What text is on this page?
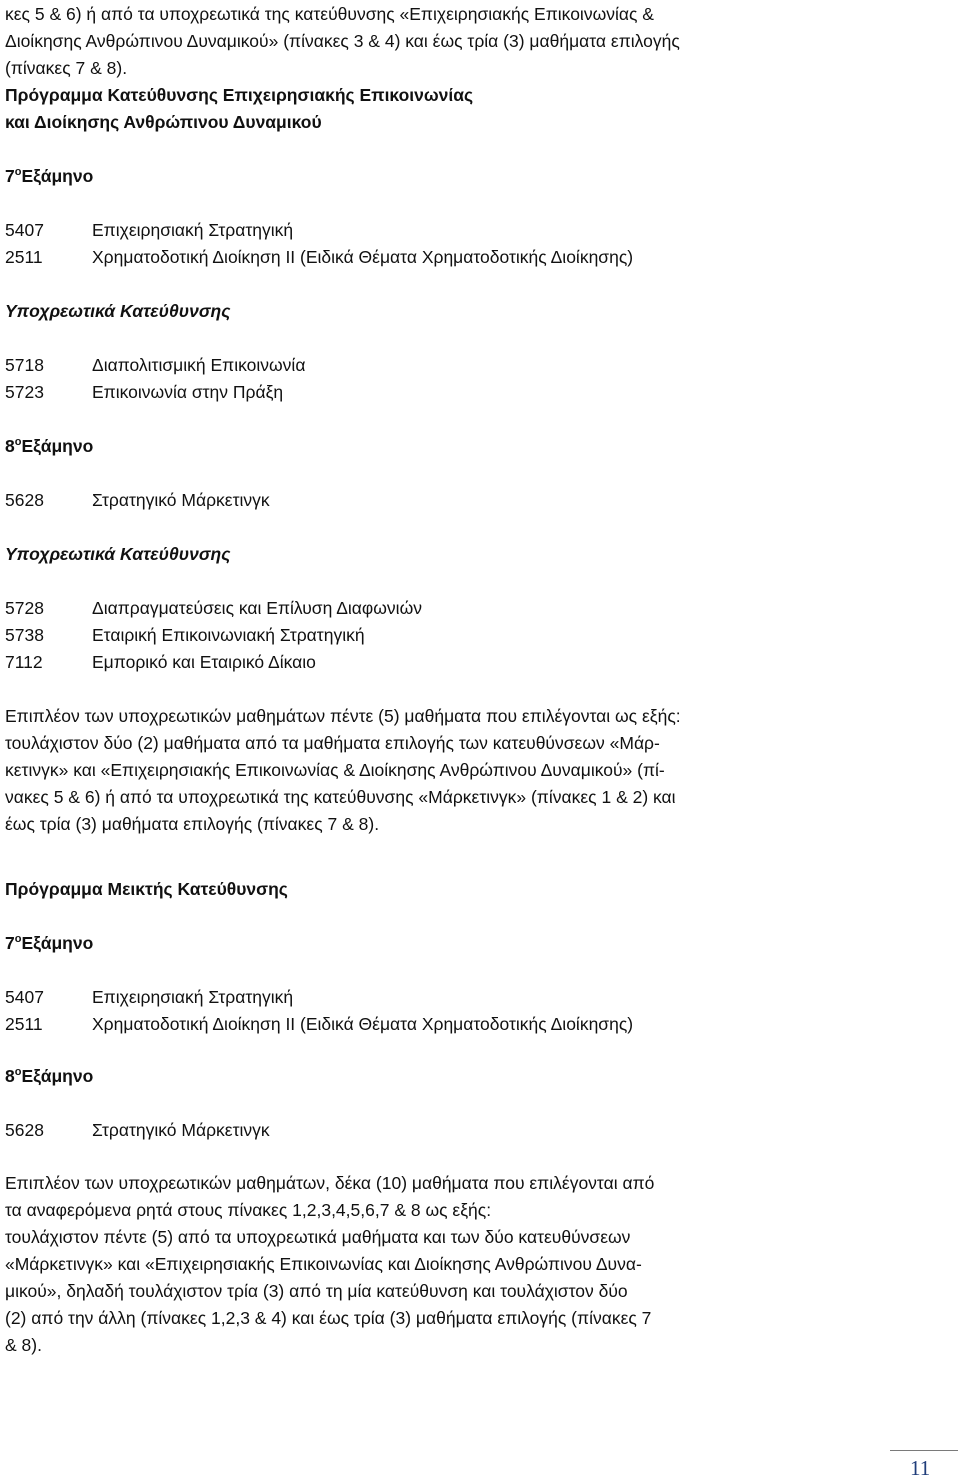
κες 5 & 6) ή από τα υποχρεωτικά της κατεύθυνσης «Επιχειρησιακής Επικοινωνίας &
Διοίκησης Ανθρώπινου Δυναμικού» (πίνακες 3 & 4) και έως τρία (3) μαθήματα επιλογής
(πίνακες 7 & 8).
Πρόγραμμα Κατεύθυνσης Επιχειρησιακής Επικοινωνίας
και Διοίκησης Ανθρώπινου Δυναμικού
$7^oE\xi ά\mu\eta\nu o$
5407	Επιχειρησιακή Στρατηγική
2511	Χρηματοδοτική Διοίκηση ΙΙ (Ειδικά Θέματα Χρηματοδοτικής Διοίκησης)
Υποχρεωτικά Κατεύθυνσης
5718	Διαπολιτισμική Επικοινωνία
5723	Επικοινωνία στην Πράξη
$8^oE\xi ά\mu\eta\nu o$
5628	Στρατηγικό Μάρκετινγκ
Υποχρεωτικά Κατεύθυνσης
5728	Διαπραγματεύσεις και Επίλυση Διαφωνιών
5738	Εταιρική Επικοινωνιακή Στρατηγική
7112	Εμπορικό και Εταιρικό Δίκαιο
Επιπλέον των υποχρεωτικών μαθημάτων πέντε (5) μαθήματα που επιλέγονται ως εξής:
τουλάχιστον δύο (2) μαθήματα από τα μαθήματα επιλογής των κατευθύνσεων «Μάρ-
κετινγκ» και «Επιχειρησιακής Επικοινωνίας & Διοίκησης Ανθρώπινου Δυναμικού» (πί-
νακες 5 & 6) ή από τα υποχρεωτικά της κατεύθυνσης «Μάρκετινγκ» (πίνακες 1 & 2) και
έως τρία (3) μαθήματα επιλογής (πίνακες 7 & 8).
Πρόγραμμα Μεικτής Κατεύθυνσης
$7^oE\xi ά\mu\eta\nu o$
5407	Επιχειρησιακή Στρατηγική
2511	Χρηματοδοτική Διοίκηση ΙΙ (Ειδικά Θέματα Χρηματοδοτικής Διοίκησης)
$8^oE\xi ά\mu\eta\nu o$
5628	Στρατηγικό Μάρκετινγκ
Επιπλέον των υποχρεωτικών μαθημάτων, δέκα (10) μαθήματα που επιλέγονται από
τα αναφερόμενα ρητά στους πίνακες 1,2,3,4,5,6,7 & 8 ως εξής:
τουλάχιστον πέντε (5) από τα υποχρεωτικά μαθήματα και των δύο κατευθύνσεων
«Μάρκετινγκ» και «Επιχειρησιακής Επικοινωνίας και Διοίκησης Ανθρώπινου Δυνα-
μικού», δηλαδή τουλάχιστον τρία (3) από τη μία κατεύθυνση και τουλάχιστον δύο
(2) από την άλλη (πίνακες 1,2,3 & 4) και έως τρία (3) μαθήματα επιλογής (πίνακες 7
& 8).
11
